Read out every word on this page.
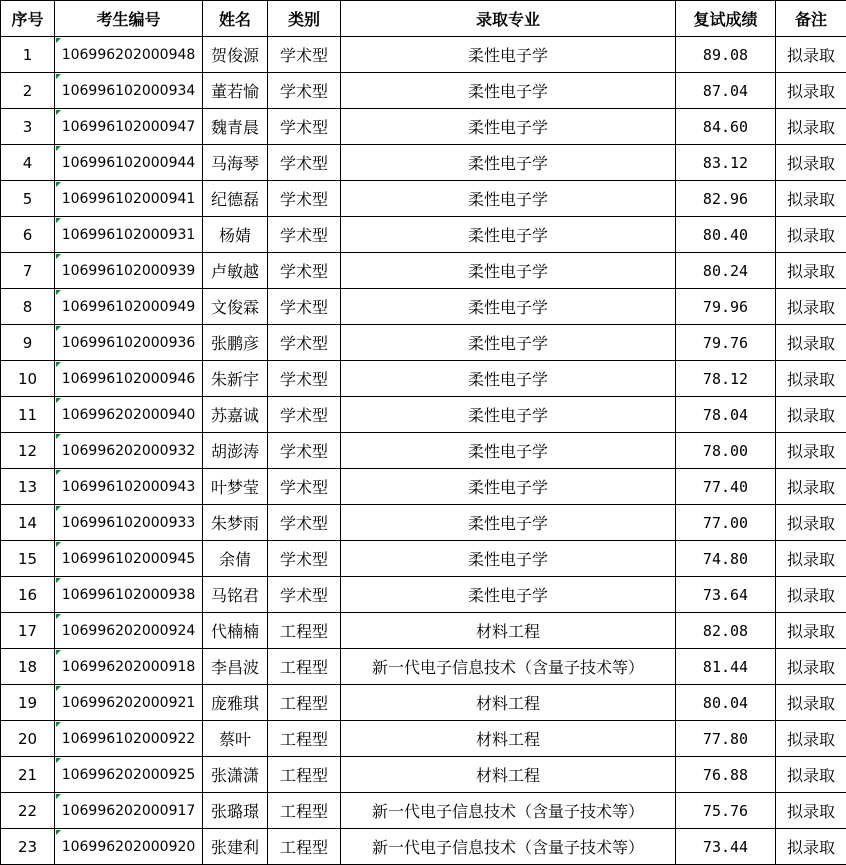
序号	考生编号	姓名	类别	录取专业	复试成绩	备注
1	106996202000948	贺俊源	学术型	柔性电子学	89.08	拟录取
2	106996102000934	董若愉	学术型	柔性电子学	87.04	拟录取
3	106996102000947	魏青晨	学术型	柔性电子学	84.60	拟录取
4	106996102000944	马海琴	学术型	柔性电子学	83.12	拟录取
5	106996102000941	纪德磊	学术型	柔性电子学	82.96	拟录取
6	106996102000931	杨婧	学术型	柔性电子学	80.40	拟录取
7	106996102000939	卢敏越	学术型	柔性电子学	80.24	拟录取
8	106996102000949	文俊霖	学术型	柔性电子学	79.96	拟录取
9	106996102000936	张鹏彦	学术型	柔性电子学	79.76	拟录取
10	106996102000946	朱新宇	学术型	柔性电子学	78.12	拟录取
11	106996202000940	苏嘉诚	学术型	柔性电子学	78.04	拟录取
12	106996202000932	胡澎涛	学术型	柔性电子学	78.00	拟录取
13	106996102000943	叶梦莹	学术型	柔性电子学	77.40	拟录取
14	106996102000933	朱梦雨	学术型	柔性电子学	77.00	拟录取
15	106996102000945	余倩	学术型	柔性电子学	74.80	拟录取
16	106996102000938	马铭君	学术型	柔性电子学	73.64	拟录取
17	106996202000924	代楠楠	工程型	材料工程	82.08	拟录取
18	106996202000918	李昌波	工程型	新一代电子信息技术（含量子技术等）	81.44	拟录取
19	106996202000921	庞雅琪	工程型	材料工程	80.04	拟录取
20	106996102000922	蔡叶	工程型	材料工程	77.80	拟录取
21	106996202000925	张潇潇	工程型	材料工程	76.88	拟录取
22	106996202000917	张璐璟	工程型	新一代电子信息技术（含量子技术等）	75.76	拟录取
23	106996202000920	张建利	工程型	新一代电子信息技术（含量子技术等）	73.44	拟录取
